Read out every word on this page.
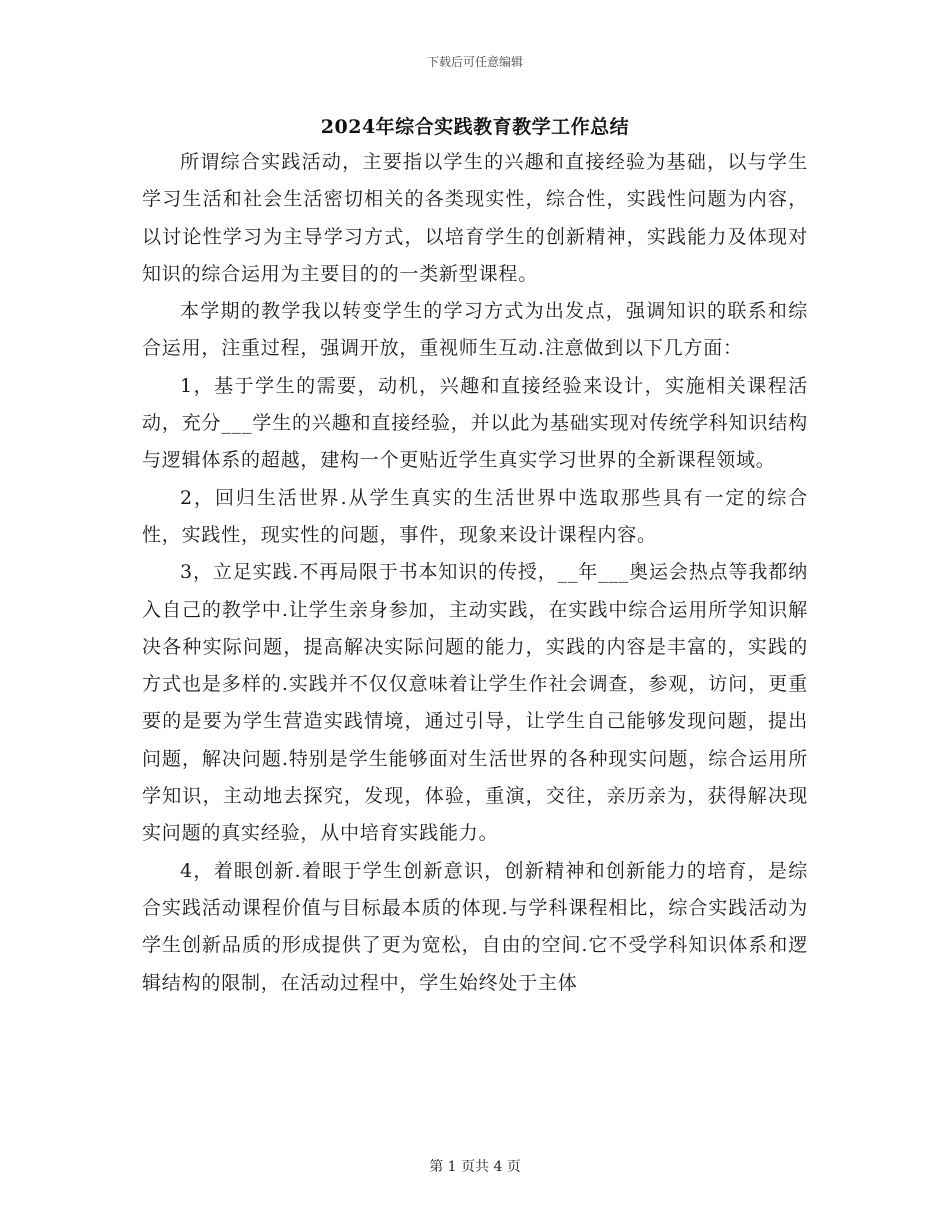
下载后可任意编辑
2024年综合实践教育教学工作总结

所谓综合实践活动，主要指以学生的兴趣和直接经验为基础，以与学生学习生活和社会生活密切相关的各类现实性，综合性，实践性问题为内容，以讨论性学习为主导学习方式，以培育学生的创新精神，实践能力及体现对知识的综合运用为主要目的的一类新型课程。

本学期的教学我以转变学生的学习方式为出发点，强调知识的联系和综合运用，注重过程，强调开放，重视师生互动.注意做到以下几方面：

1，基于学生的需要，动机，兴趣和直接经验来设计，实施相关课程活动，充分___学生的兴趣和直接经验，并以此为基础实现对传统学科知识结构与逻辑体系的超越，建构一个更贴近学生真实学习世界的全新课程领域。

2，回归生活世界.从学生真实的生活世界中选取那些具有一定的综合性，实践性，现实性的问题，事件，现象来设计课程内容。

3，立足实践.不再局限于书本知识的传授，__年___奥运会热点等我都纳入自己的教学中.让学生亲身参加，主动实践，在实践中综合运用所学知识解决各种实际问题，提高解决实际问题的能力，实践的内容是丰富的，实践的方式也是多样的.实践并不仅仅意味着让学生作社会调查，参观，访问，更重要的是要为学生营造实践情境，通过引导，让学生自己能够发现问题，提出问题，解决问题.特别是学生能够面对生活世界的各种现实问题，综合运用所学知识，主动地去探究，发现，体验，重演，交往，亲历亲为，获得解决现实问题的真实经验，从中培育实践能力。

4，着眼创新.着眼于学生创新意识，创新精神和创新能力的培育，是综合实践活动课程价值与目标最本质的体现.与学科课程相比，综合实践活动为学生创新品质的形成提供了更为宽松，自由的空间.它不受学科知识体系和逻辑结构的限制，在活动过程中，学生始终处于主体

第 1 页共 4 页
